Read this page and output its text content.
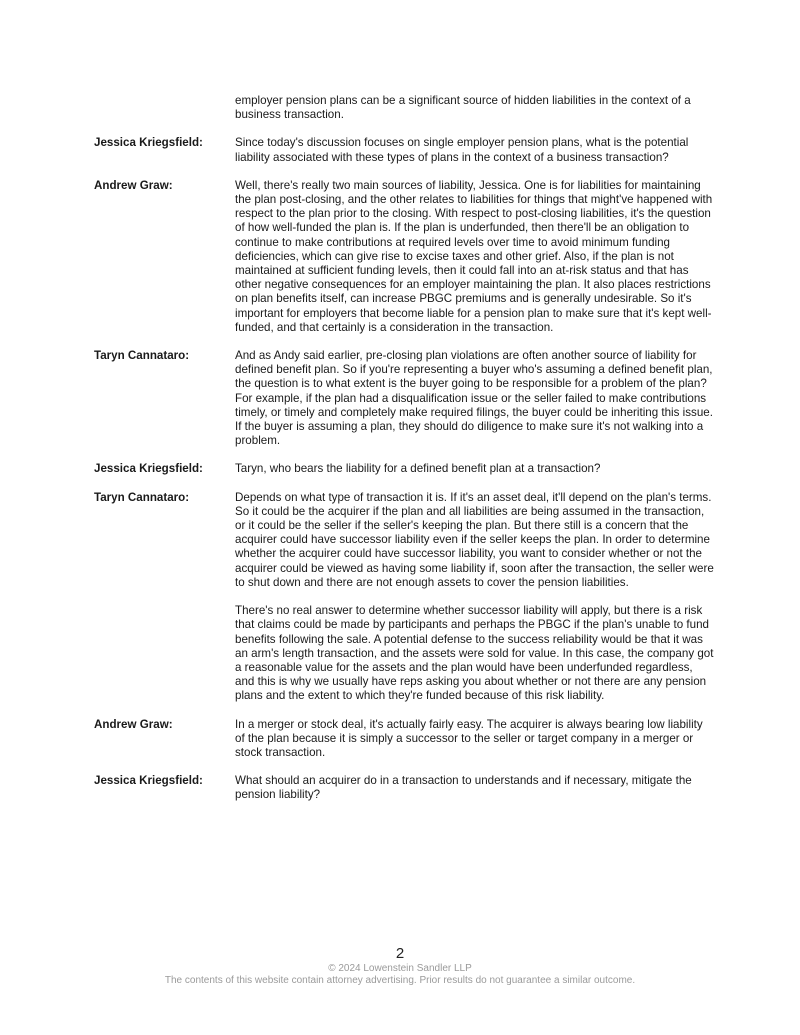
employer pension plans can be a significant source of hidden liabilities in the context of a business transaction.

Jessica Kriegsfield:	Since today's discussion focuses on single employer pension plans, what is the potential liability associated with these types of plans in the context of a business transaction?

Andrew Graw:	Well, there's really two main sources of liability, Jessica. One is for liabilities for maintaining the plan post-closing, and the other relates to liabilities for things that might've happened with respect to the plan prior to the closing. With respect to post-closing liabilities, it's the question of how well-funded the plan is. If the plan is underfunded, then there'll be an obligation to continue to make contributions at required levels over time to avoid minimum funding deficiencies, which can give rise to excise taxes and other grief. Also, if the plan is not maintained at sufficient funding levels, then it could fall into an at-risk status and that has other negative consequences for an employer maintaining the plan. It also places restrictions on plan benefits itself, can increase PBGC premiums and is generally undesirable. So it's important for employers that become liable for a pension plan to make sure that it's kept well-funded, and that certainly is a consideration in the transaction.

Taryn Cannataro:	And as Andy said earlier, pre-closing plan violations are often another source of liability for defined benefit plan. So if you're representing a buyer who's assuming a defined benefit plan, the question is to what extent is the buyer going to be responsible for a problem of the plan? For example, if the plan had a disqualification issue or the seller failed to make contributions timely, or timely and completely make required filings, the buyer could be inheriting this issue. If the buyer is assuming a plan, they should do diligence to make sure it's not walking into a problem.

Jessica Kriegsfield:	Taryn, who bears the liability for a defined benefit plan at a transaction?

Taryn Cannataro:	Depends on what type of transaction it is. If it's an asset deal, it'll depend on the plan's terms. So it could be the acquirer if the plan and all liabilities are being assumed in the transaction, or it could be the seller if the seller's keeping the plan. But there still is a concern that the acquirer could have successor liability even if the seller keeps the plan. In order to determine whether the acquirer could have successor liability, you want to consider whether or not the acquirer could be viewed as having some liability if, soon after the transaction, the seller were to shut down and there are not enough assets to cover the pension liabilities.

There's no real answer to determine whether successor liability will apply, but there is a risk that claims could be made by participants and perhaps the PBGC if the plan's unable to fund benefits following the sale. A potential defense to the success reliability would be that it was an arm's length transaction, and the assets were sold for value. In this case, the company got a reasonable value for the assets and the plan would have been underfunded regardless, and this is why we usually have reps asking you about whether or not there are any pension plans and the extent to which they're funded because of this risk liability.

Andrew Graw:	In a merger or stock deal, it's actually fairly easy. The acquirer is always bearing low liability of the plan because it is simply a successor to the seller or target company in a merger or stock transaction.

Jessica Kriegsfield:	What should an acquirer do in a transaction to understands and if necessary, mitigate the pension liability?

2
© 2024 Lowenstein Sandler LLP
The contents of this website contain attorney advertising. Prior results do not guarantee a similar outcome.
